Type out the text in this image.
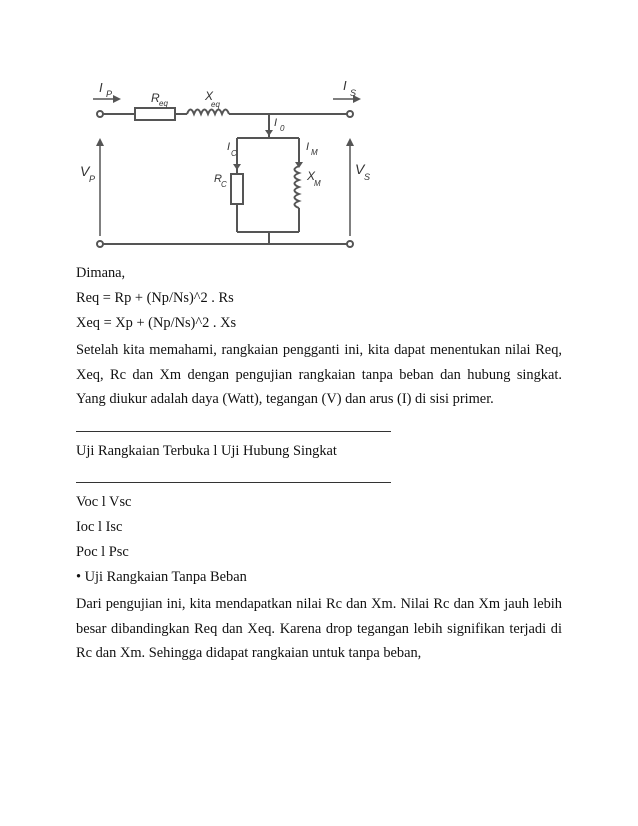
I P	R eq
X
eq
I S
I 0
I
C
I M
V P	R C
X
M
V S
Dimana,
Req = Rp + (Np/Ns)^2 . Rs
Xeq = Xp + (Np/Ns)^2 . Xs
Setelah kita memahami, rangkaian pengganti ini, kita dapat menentukan nilai Req, Xeq, Rc dan Xm dengan pengujian rangkaian tanpa beban dan hubung singkat. Yang diukur adalah daya (Watt), tegangan (V) dan arus (I) di sisi primer.
Uji Rangkaian Terbuka l Uji Hubung Singkat
Voc l Vsc
Ioc l Isc
Poc l Psc
• Uji Rangkaian Tanpa Beban
Dari pengujian ini, kita mendapatkan nilai Rc dan Xm. Nilai Rc dan Xm jauh lebih besar dibandingkan Req dan Xeq. Karena drop tegangan lebih signifikan terjadi di Rc dan Xm. Sehingga didapat rangkaian untuk tanpa beban,
